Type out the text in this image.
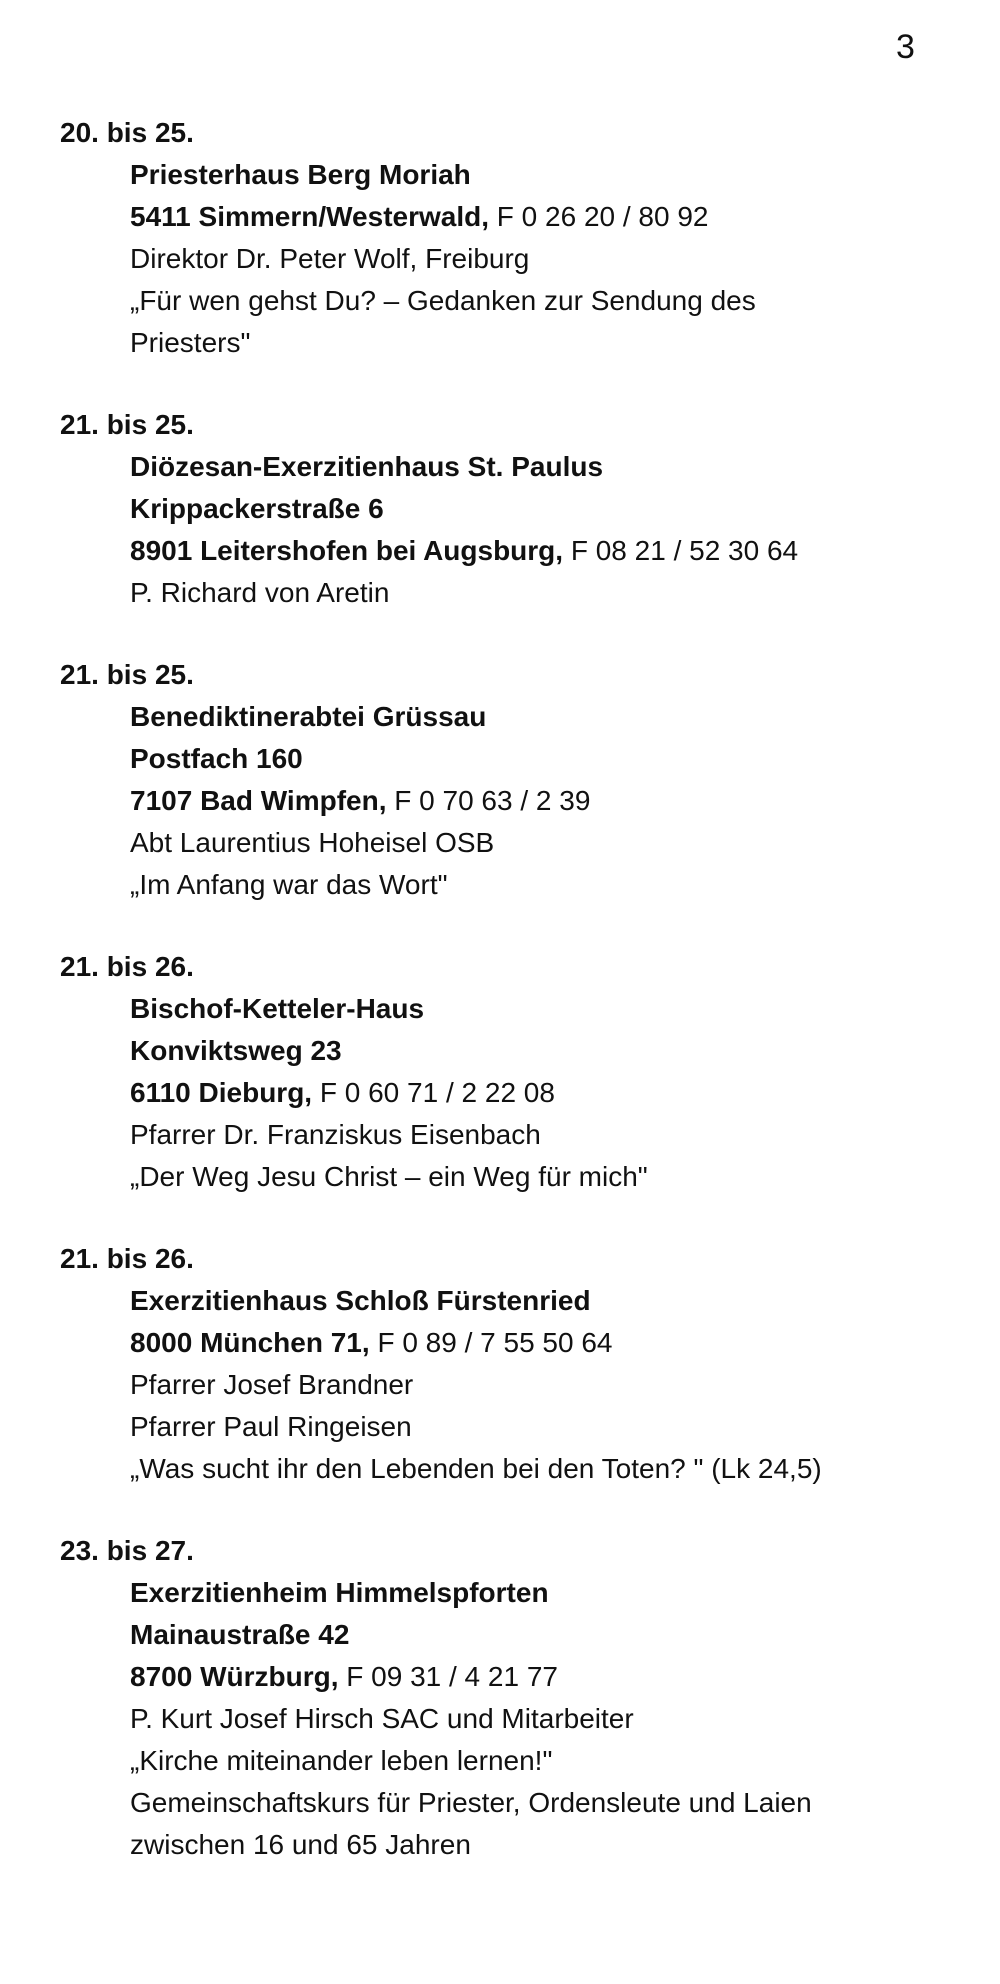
3
20. bis 25.
Priesterhaus Berg Moriah
5411 Simmern/Westerwald, F 0 26 20 / 80 92
Direktor Dr. Peter Wolf, Freiburg
„Für wen gehst Du? – Gedanken zur Sendung des
Priesters"
21. bis 25.
Diözesan-Exerzitienhaus St. Paulus
Krippackerstraße 6
8901 Leitershofen bei Augsburg, F 08 21 / 52 30 64
P. Richard von Aretin
21. bis 25.
Benediktinerabtei Grüssau
Postfach 160
7107 Bad Wimpfen, F 0 70 63 / 2 39
Abt Laurentius Hoheisel OSB
„Im Anfang war das Wort"
21. bis 26.
Bischof-Ketteler-Haus
Konviktsweg 23
6110 Dieburg, F 0 60 71 / 2 22 08
Pfarrer Dr. Franziskus Eisenbach
„Der Weg Jesu Christ – ein Weg für mich"
21. bis 26.
Exerzitienhaus Schloß Fürstenried
8000 München 71, F 0 89 / 7 55 50 64
Pfarrer Josef Brandner
Pfarrer Paul Ringeisen
„Was sucht ihr den Lebenden bei den Toten? " (Lk 24,5)
23. bis 27.
Exerzitienheim Himmelspforten
Mainaustraße 42
8700 Würzburg, F 09 31 / 4 21 77
P. Kurt Josef Hirsch SAC und Mitarbeiter
„Kirche miteinander leben lernen!"
Gemeinschaftskurs für Priester, Ordensleute und Laien
zwischen 16 und 65 Jahren
